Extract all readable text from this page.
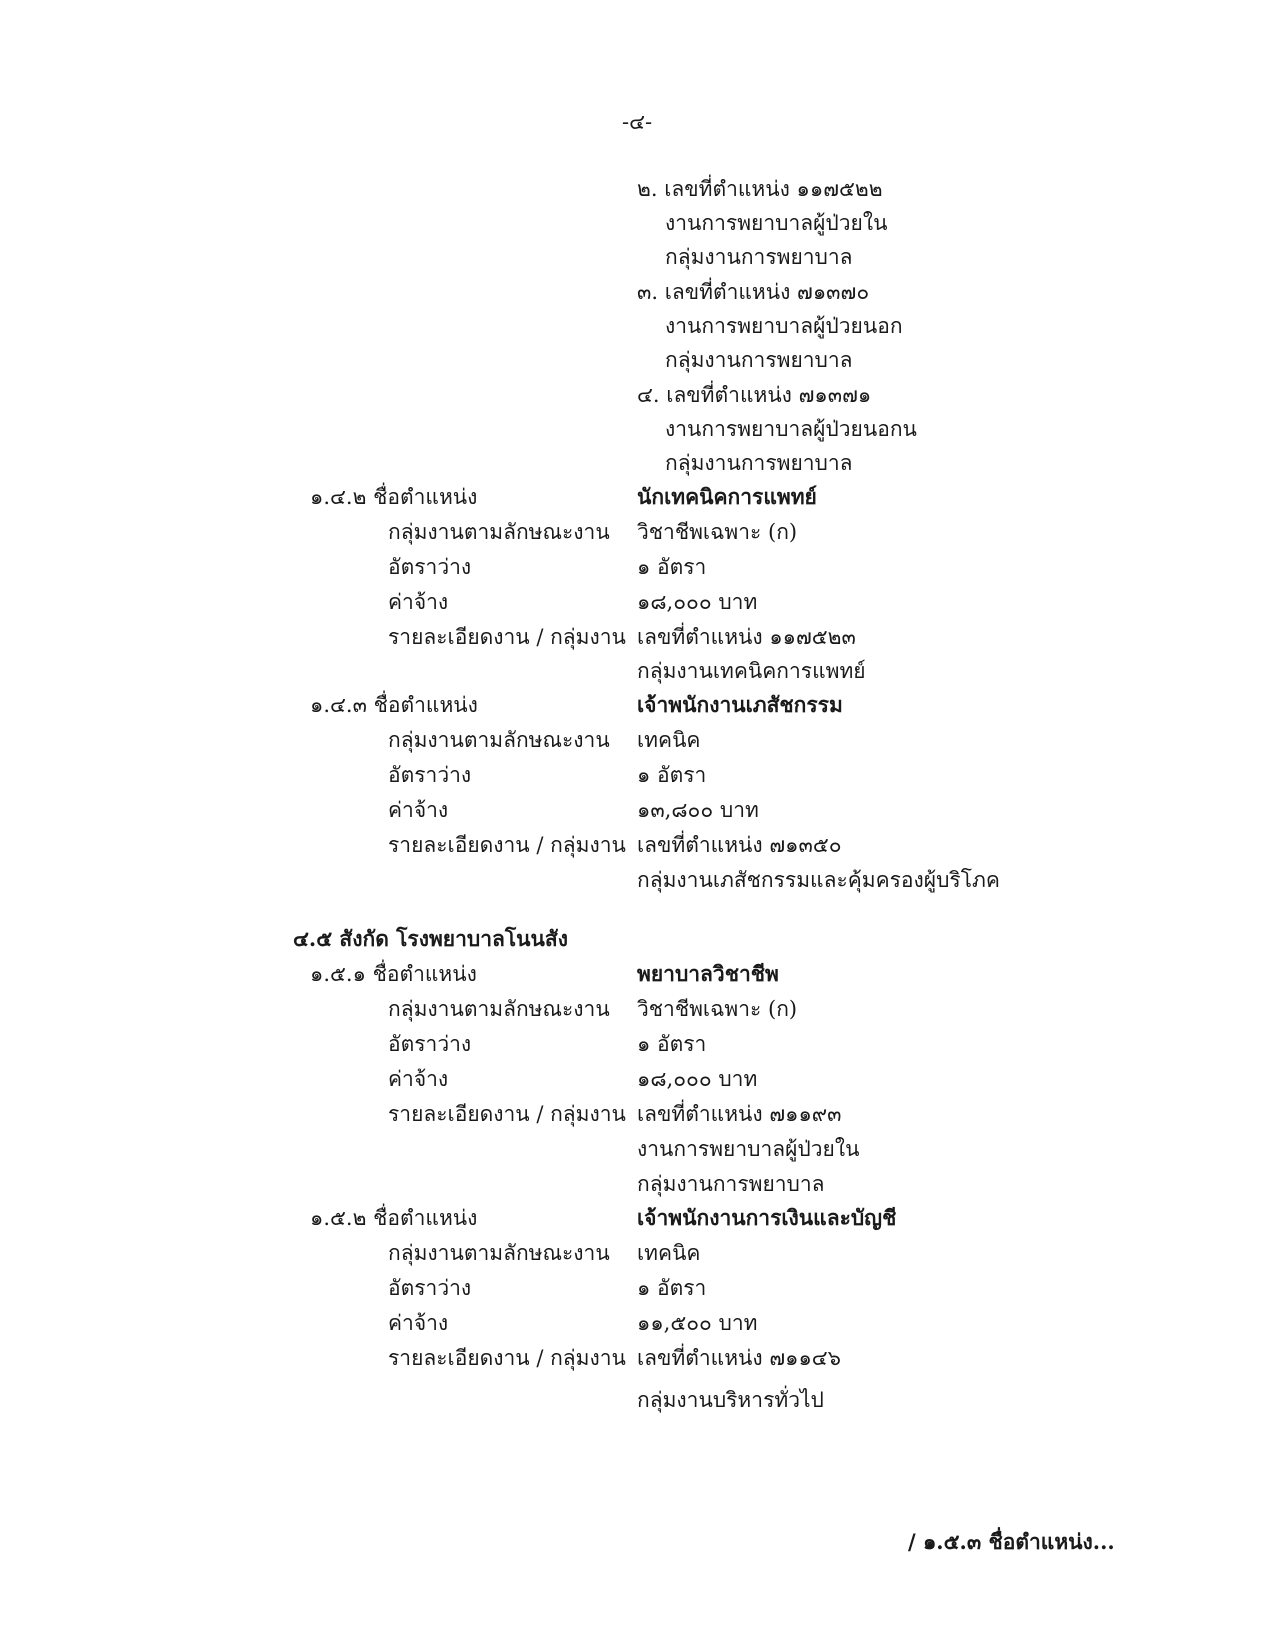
-๔-
๒. เลขที่ตำแหน่ง ๑๑๗๕๒๒
งานการพยาบาลผู้ป่วยใน
กลุ่มงานการพยาบาล
๓. เลขที่ตำแหน่ง ๗๑๓๗๐
งานการพยาบาลผู้ป่วยนอก
กลุ่มงานการพยาบาล
๔. เลขที่ตำแหน่ง ๗๑๓๗๑
งานการพยาบาลผู้ป่วยนอกน
กลุ่มงานการพยาบาล
๑.๔.๒ ชื่อตำแหน่ง	นักเทคนิคการแพทย์
กลุ่มงานตามลักษณะงาน วิชาชีพเฉพาะ (ก)
อัตราว่าง	๑ อัตรา
ค่าจ้าง	๑๘,๐๐๐ บาท
รายละเอียดงาน / กลุ่มงาน เลขที่ตำแหน่ง ๑๑๗๕๒๓
กลุ่มงานเทคนิคการแพทย์
๑.๔.๓ ชื่อตำแหน่ง	เจ้าพนักงานเภสัชกรรม
กลุ่มงานตามลักษณะงาน เทคนิค
อัตราว่าง	๑ อัตรา
ค่าจ้าง	๑๓,๘๐๐ บาท
รายละเอียดงาน / กลุ่มงาน เลขที่ตำแหน่ง ๗๑๓๕๐
กลุ่มงานเภสัชกรรมและคุ้มครองผู้บริโภค
๔.๕ สังกัด โรงพยาบาลโนนสัง
๑.๕.๑ ชื่อตำแหน่ง	พยาบาลวิชาชีพ
กลุ่มงานตามลักษณะงาน วิชาชีพเฉพาะ (ก)
อัตราว่าง	๑ อัตรา
ค่าจ้าง	๑๘,๐๐๐ บาท
รายละเอียดงาน / กลุ่มงาน เลขที่ตำแหน่ง ๗๑๑๙๓
งานการพยาบาลผู้ป่วยใน
กลุ่มงานการพยาบาล
๑.๕.๒ ชื่อตำแหน่ง	เจ้าพนักงานการเงินและบัญชี
กลุ่มงานตามลักษณะงาน เทคนิค
อัตราว่าง	๑ อัตรา
ค่าจ้าง	๑๑,๕๐๐ บาท
รายละเอียดงาน / กลุ่มงาน เลขที่ตำแหน่ง ๗๑๑๔๖
กลุ่มงานบริหารทั่วไป
/ ๑.๕.๓ ชื่อตำแหน่ง...
